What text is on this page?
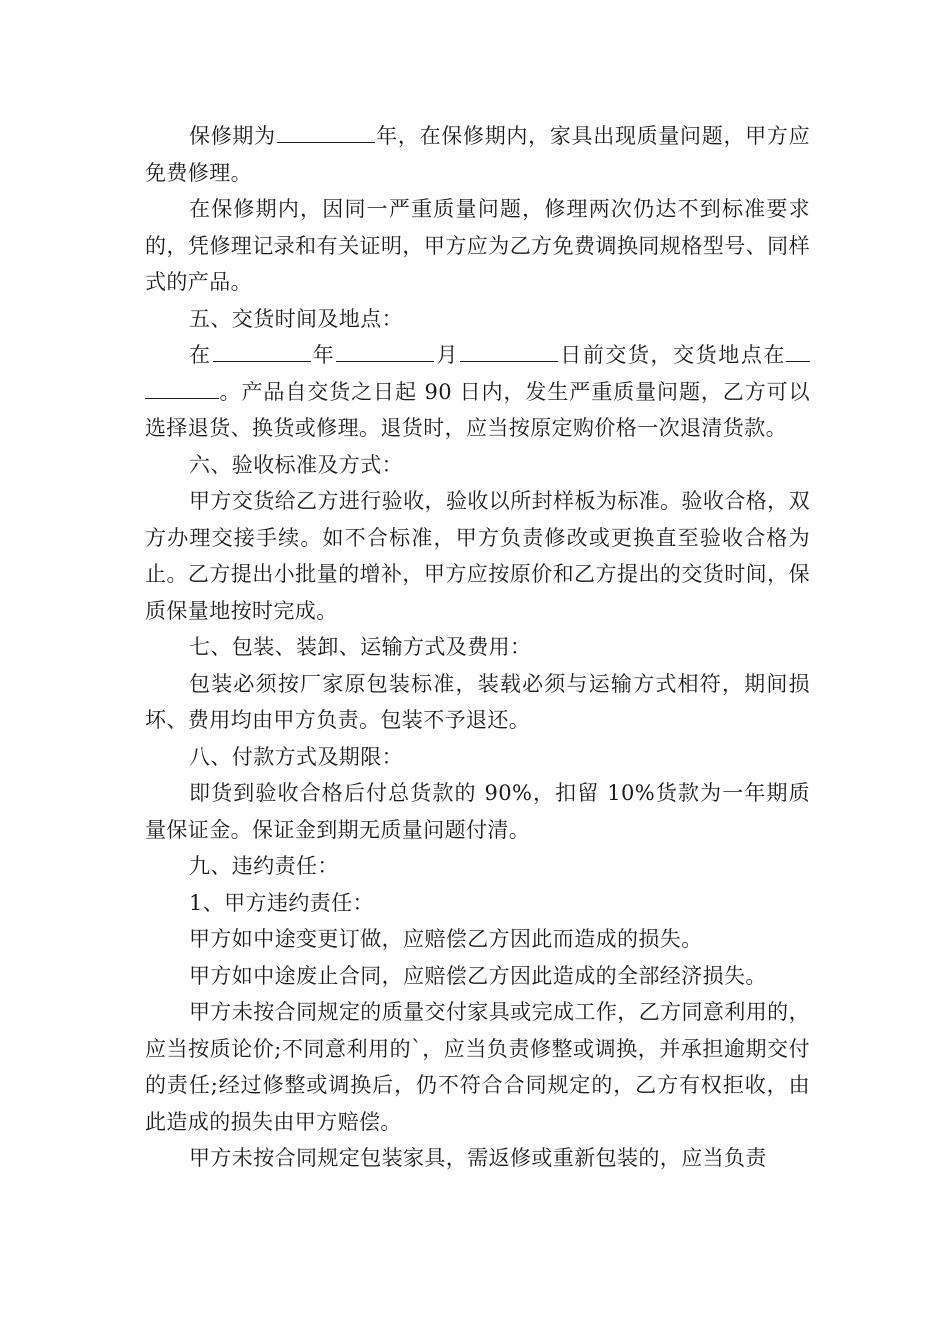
保修期为	年，在保修期内，家具出现质量问题，甲方应免费修理。

在保修期内，因同一严重质量问题，修理两次仍达不到标准要求的，凭修理记录和有关证明，甲方应为乙方免费调换同规格型号、同样式的产品。

五、交货时间及地点：

在	年	月	日前交货，交货地点在。产品自交货之日起 90 日内，发生严重质量问题，乙方可以选择退货、换货或修理。退货时，应当按原定购价格一次退清货款。

六、验收标准及方式：

甲方交货给乙方进行验收，验收以所封样板为标准。验收合格，双方办理交接手续。如不合标准，甲方负责修改或更换直至验收合格为止。乙方提出小批量的增补，甲方应按原价和乙方提出的交货时间，保质保量地按时完成。

七、包装、装卸、运输方式及费用：

包装必须按厂家原包装标准，装载必须与运输方式相符，期间损坏、费用均由甲方负责。包装不予退还。

八、付款方式及期限：

即货到验收合格后付总货款的 90%，扣留 10%货款为一年期质量保证金。保证金到期无质量问题付清。

九、违约责任：

1、甲方违约责任：

甲方如中途变更订做，应赔偿乙方因此而造成的损失。

甲方如中途废止合同，应赔偿乙方因此造成的全部经济损失。

甲方未按合同规定的质量交付家具或完成工作，乙方同意利用的，应当按质论价;不同意利用的`，应当负责修整或调换，并承担逾期交付的责任;经过修整或调换后，仍不符合合同规定的，乙方有权拒收，由此造成的损失由甲方赔偿。

甲方未按合同规定包装家具，需返修或重新包装的，应当负责
